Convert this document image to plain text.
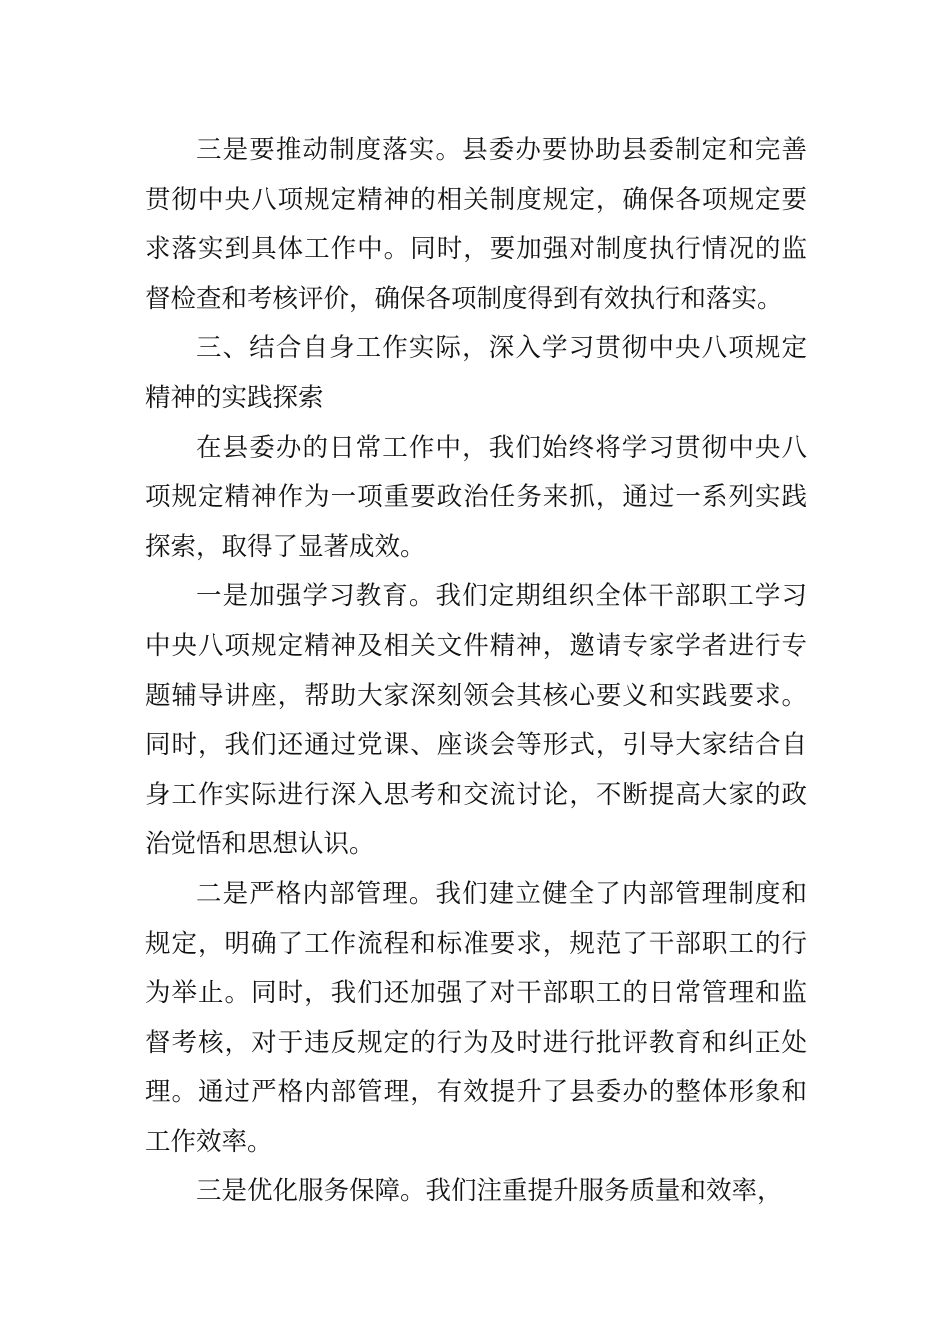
三是要推动制度落实。县委办要协助县委制定和完善贯彻中央八项规定精神的相关制度规定，确保各项规定要求落实到具体工作中。同时，要加强对制度执行情况的监督检查和考核评价，确保各项制度得到有效执行和落实。

三、结合自身工作实际，深入学习贯彻中央八项规定精神的实践探索

在县委办的日常工作中，我们始终将学习贯彻中央八项规定精神作为一项重要政治任务来抓，通过一系列实践探索，取得了显著成效。

一是加强学习教育。我们定期组织全体干部职工学习中央八项规定精神及相关文件精神，邀请专家学者进行专题辅导讲座，帮助大家深刻领会其核心要义和实践要求。同时，我们还通过党课、座谈会等形式，引导大家结合自身工作实际进行深入思考和交流讨论，不断提高大家的政治觉悟和思想认识。

二是严格内部管理。我们建立健全了内部管理制度和规定，明确了工作流程和标准要求，规范了干部职工的行为举止。同时，我们还加强了对干部职工的日常管理和监督考核，对于违反规定的行为及时进行批评教育和纠正处理。通过严格内部管理，有效提升了县委办的整体形象和工作效率。

三是优化服务保障。我们注重提升服务质量和效率，
